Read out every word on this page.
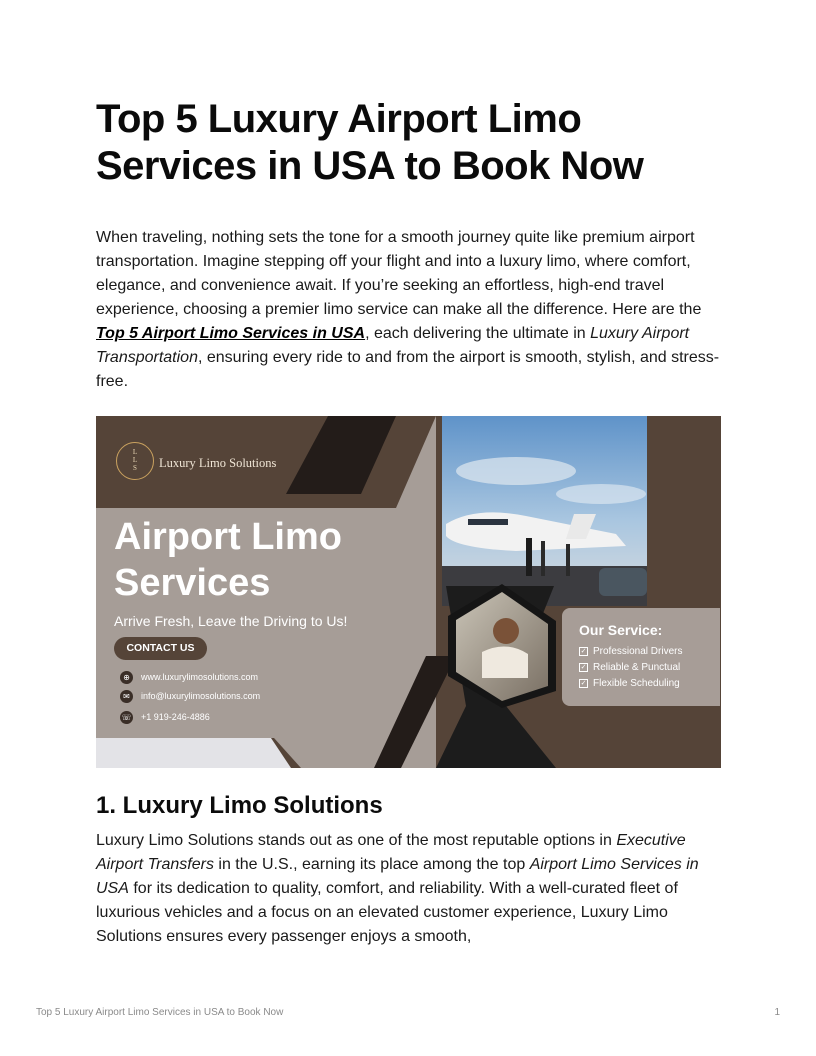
Top 5 Luxury Airport Limo Services in USA to Book Now

When traveling, nothing sets the tone for a smooth journey quite like premium airport transportation. Imagine stepping off your flight and into a luxury limo, where comfort, elegance, and convenience await. If you’re seeking an effortless, high-end travel experience, choosing a premier limo service can make all the difference. Here are the Top 5 Airport Limo Services in USA, each delivering the ultimate in Luxury Airport Transportation, ensuring every ride to and from the airport is smooth, stylish, and stress-free.

L
L
S	Luxury Limo Solutions
Airport Limo
Services
Arrive Fresh, Leave the Driving to Us!
CONTACT US
⊕	www.luxurylimosolutions.com
✉	info@luxurylimosolutions.com
☏ +1 919-246-4886
Our Service:
✓ Professional Drivers
✓ Reliable & Punctual
✓ Flexible Scheduling
1. Luxury Limo Solutions

Luxury Limo Solutions stands out as one of the most reputable options in Executive Airport Transfers in the U.S., earning its place among the top Airport Limo Services in USA for its dedication to quality, comfort, and reliability. With a well-curated fleet of luxurious vehicles and a focus on an elevated customer experience, Luxury Limo Solutions ensures every passenger enjoys a smooth,

Top 5 Luxury Airport Limo Services in USA to Book Now	1
